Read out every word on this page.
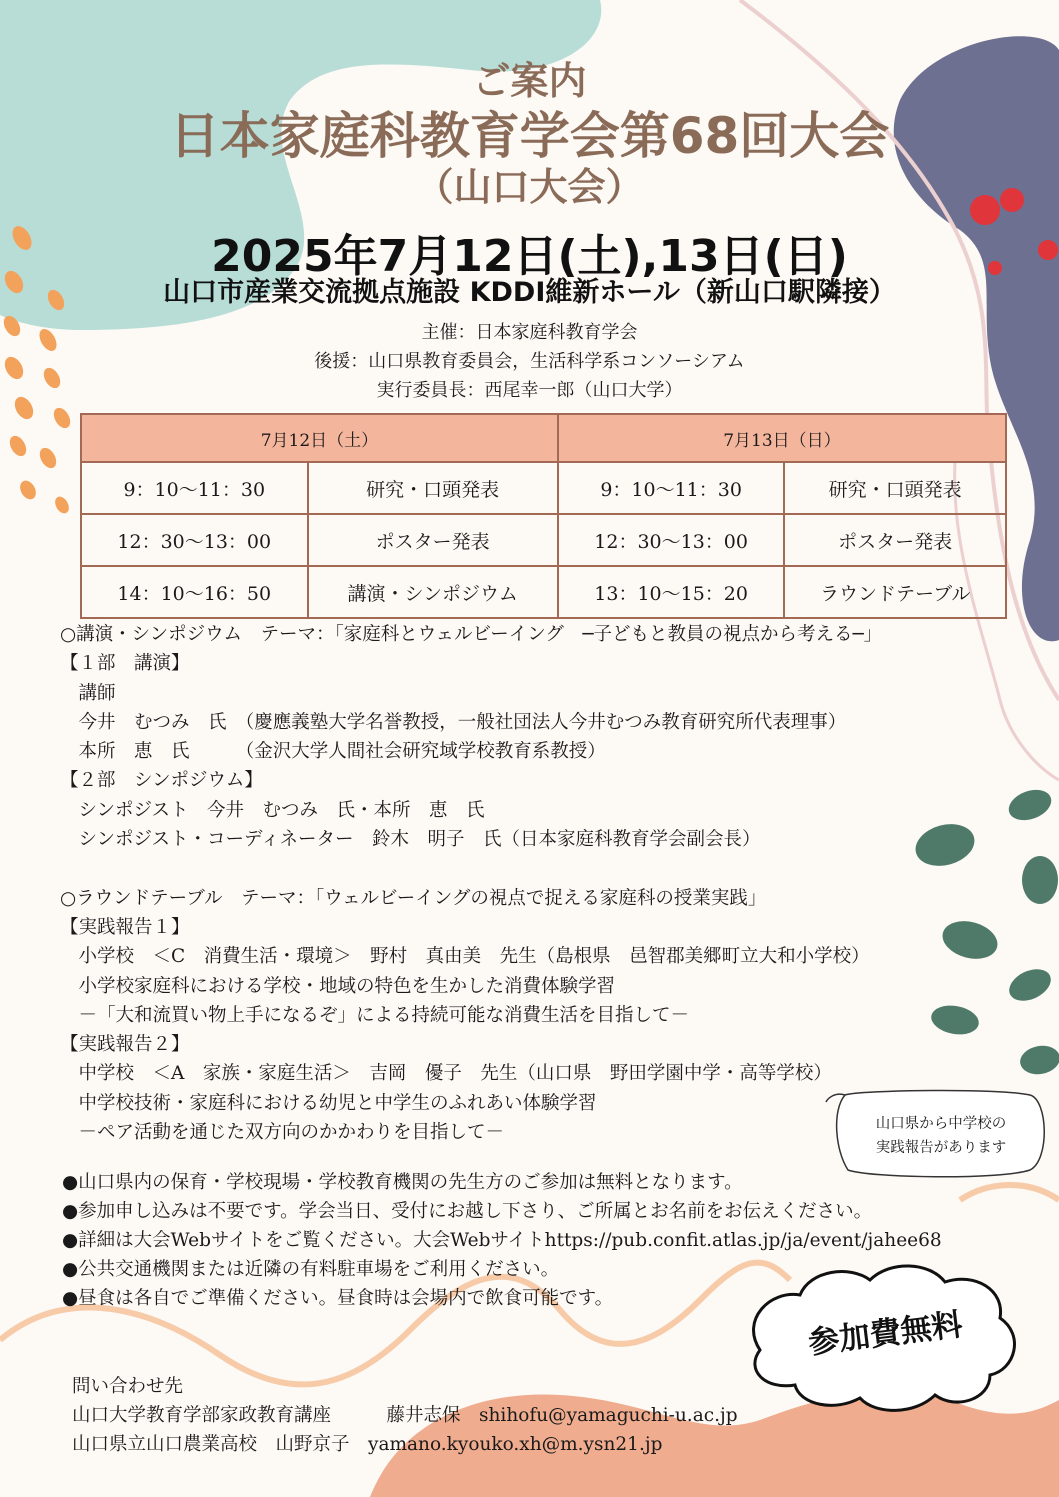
ご案内
日本家庭科教育学会第68回大会
（山口大会）
2025年7月12日(土),13日(日)
山口市産業交流拠点施設 KDDI維新ホール（新山口駅隣接）
主催：日本家庭科教育学会
後援：山口県教育委員会，生活科学系コンソーシアム
実行委員長：西尾幸一郎（山口大学）
7月12日（土）		7月13日（日）	
9：10～11：30	研究・口頭発表	9：10～11：30	研究・口頭発表
12：30～13：00	ポスター発表	12：30～13：00	ポスター発表
14：10～16：50	講演・シンポジウム	13：10～15：20	ラウンドテーブル
○講演・シンポジウム　テーマ：「家庭科とウェルビーイング　─子どもと教員の視点から考える─」
【１部　講演】
　講師
　今井　むつみ　氏　（慶應義塾大学名誉教授，一般社団法人今井むつみ教育研究所代表理事）
　本所　恵　氏　　　（金沢大学人間社会研究域学校教育系教授）
【２部　シンポジウム】
　シンポジスト　今井　むつみ　氏・本所　恵　氏
　シンポジスト・コーディネーター　鈴木　明子　氏（日本家庭科教育学会副会長）
○ラウンドテーブル　テーマ：「ウェルビーイングの視点で捉える家庭科の授業実践」
【実践報告１】
　小学校　＜C　消費生活・環境＞　野村　真由美　先生（島根県　邑智郡美郷町立大和小学校）
　小学校家庭科における学校・地域の特色を生かした消費体験学習
　－「大和流買い物上手になるぞ」による持続可能な消費生活を目指して－
【実践報告２】
　中学校　＜A　家族・家庭生活＞　吉岡　優子　先生（山口県　野田学園中学・高等学校）
　中学校技術・家庭科における幼児と中学生のふれあい体験学習
　－ペア活動を通じた双方向のかかわりを目指して－	山口県から中学校の
実践報告があります
●山口県内の保育・学校現場・学校教育機関の先生方のご参加は無料となります。
●参加申し込みは不要です。学会当日、受付にお越し下さり、ご所属とお名前をお伝えください。
●詳細は大会Webサイトをご覧ください。大会Webサイトhttps://pub.confit.atlas.jp/ja/event/jahee68
●公共交通機関または近隣の有料駐車場をご利用ください。
●昼食は各自でご準備ください。昼食時は会場内で飲食可能です。
参加費無料
問い合わせ先
山口大学教育学部家政教育講座　　　藤井志保　shihofu@yamaguchi-u.ac.jp
山口県立山口農業高校　山野京子　yamano.kyouko.xh@m.ysn21.jp
